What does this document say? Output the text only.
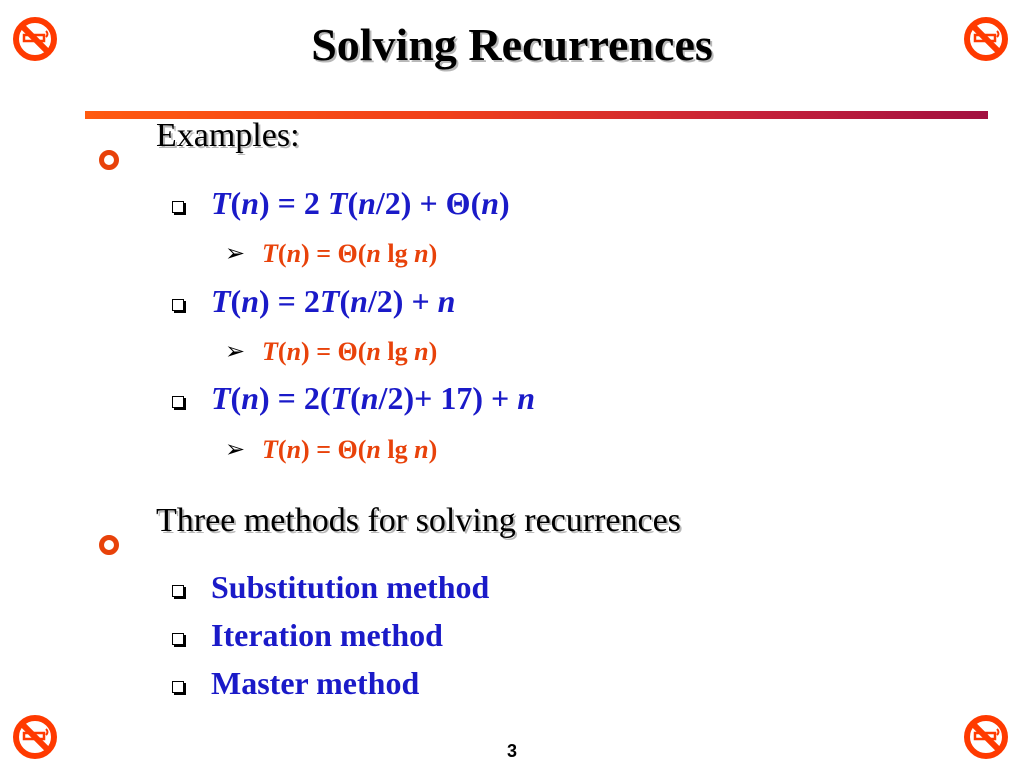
Solving Recurrences
Examples:
T(n) = 2 T(n/2) + Θ(n)
➢ T(n) = Θ(n lg n)
T(n) = 2T(n/2) + n
➢ T(n) = Θ(n lg n)
T(n) = 2(T(n/2)+ 17) + n
➢ T(n) = Θ(n lg n)
Three methods for solving recurrences
Substitution method
Iteration method
Master method
3
